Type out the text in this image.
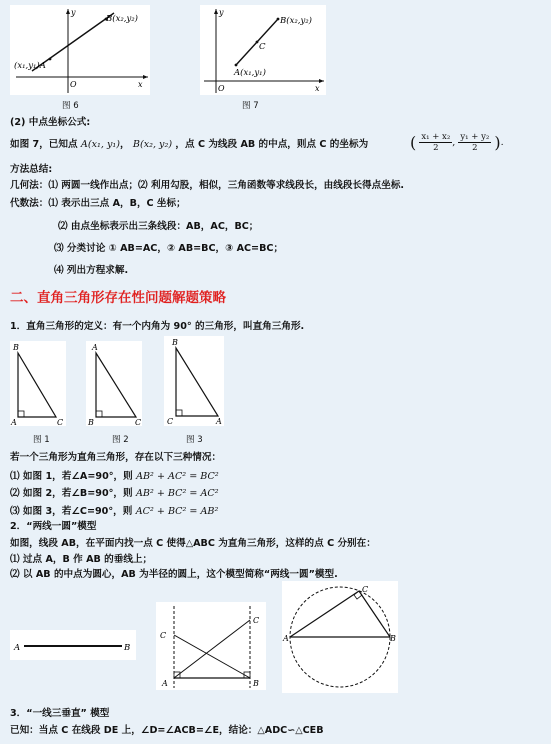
(x₁,y₁)A
B(x₂,y₂)
y
x
O
图 6
B(x₂,y₂)
C
A(x₁,y₁)
y
x
O
图 7
(2) 中点坐标公式:
如图 7，已知点 A(x₁, y₁)， B(x₂, y₂) ，点 C 为线段 AB 的中点，则点 C 的坐标为	( $\frac{\text{x₁ + x₂}}{2}$ , $\frac{\text{y₁ + y₂}}{2}$ ).
方法总结:
几何法：⑴ 两圆一线作出点；⑵ 利用勾股，相似，三角函数等求线段长，由线段长得点坐标.
代数法：⑴ 表示出三点 A，B，C 坐标；
⑵ 由点坐标表示出三条线段：AB，AC，BC；
⑶ 分类讨论 ① AB=AC，② AB=BC，③ AC=BC；
⑷ 列出方程求解.
二、直角三角形存在性问题解题策略
1．直角三角形的定义：有一个内角为 90° 的三角形，叫直角三角形.
B
A	C
A
B	C
B
C	A
图 1	图 2	图 3
若一个三角形为直角三角形，存在以下三种情况：
⑴ 如图 1，若∠A=90°，则 AB² + AC² = BC²
⑵ 如图 2，若∠B=90°，则 AB² + BC² = AC²
⑶ 如图 3，若∠C=90°，则 AC² + BC² = AB²
2．“两线一圆”模型
如图，线段 AB，在平面内找一点 C 使得△ABC 为直角三角形，这样的点 C 分别在：
⑴ 过点 A，B 作 AB 的垂线上；
⑵ 以 AB 的中点为圆心，AB 为半径的圆上，这个模型简称“两线一圆”模型.
A	B
C
C
A	B
A	B
C
3．“一线三垂直” 模型
已知：当点 C 在线段 DE 上，∠D=∠ACB=∠E，结论：△ADC∽△CEB
